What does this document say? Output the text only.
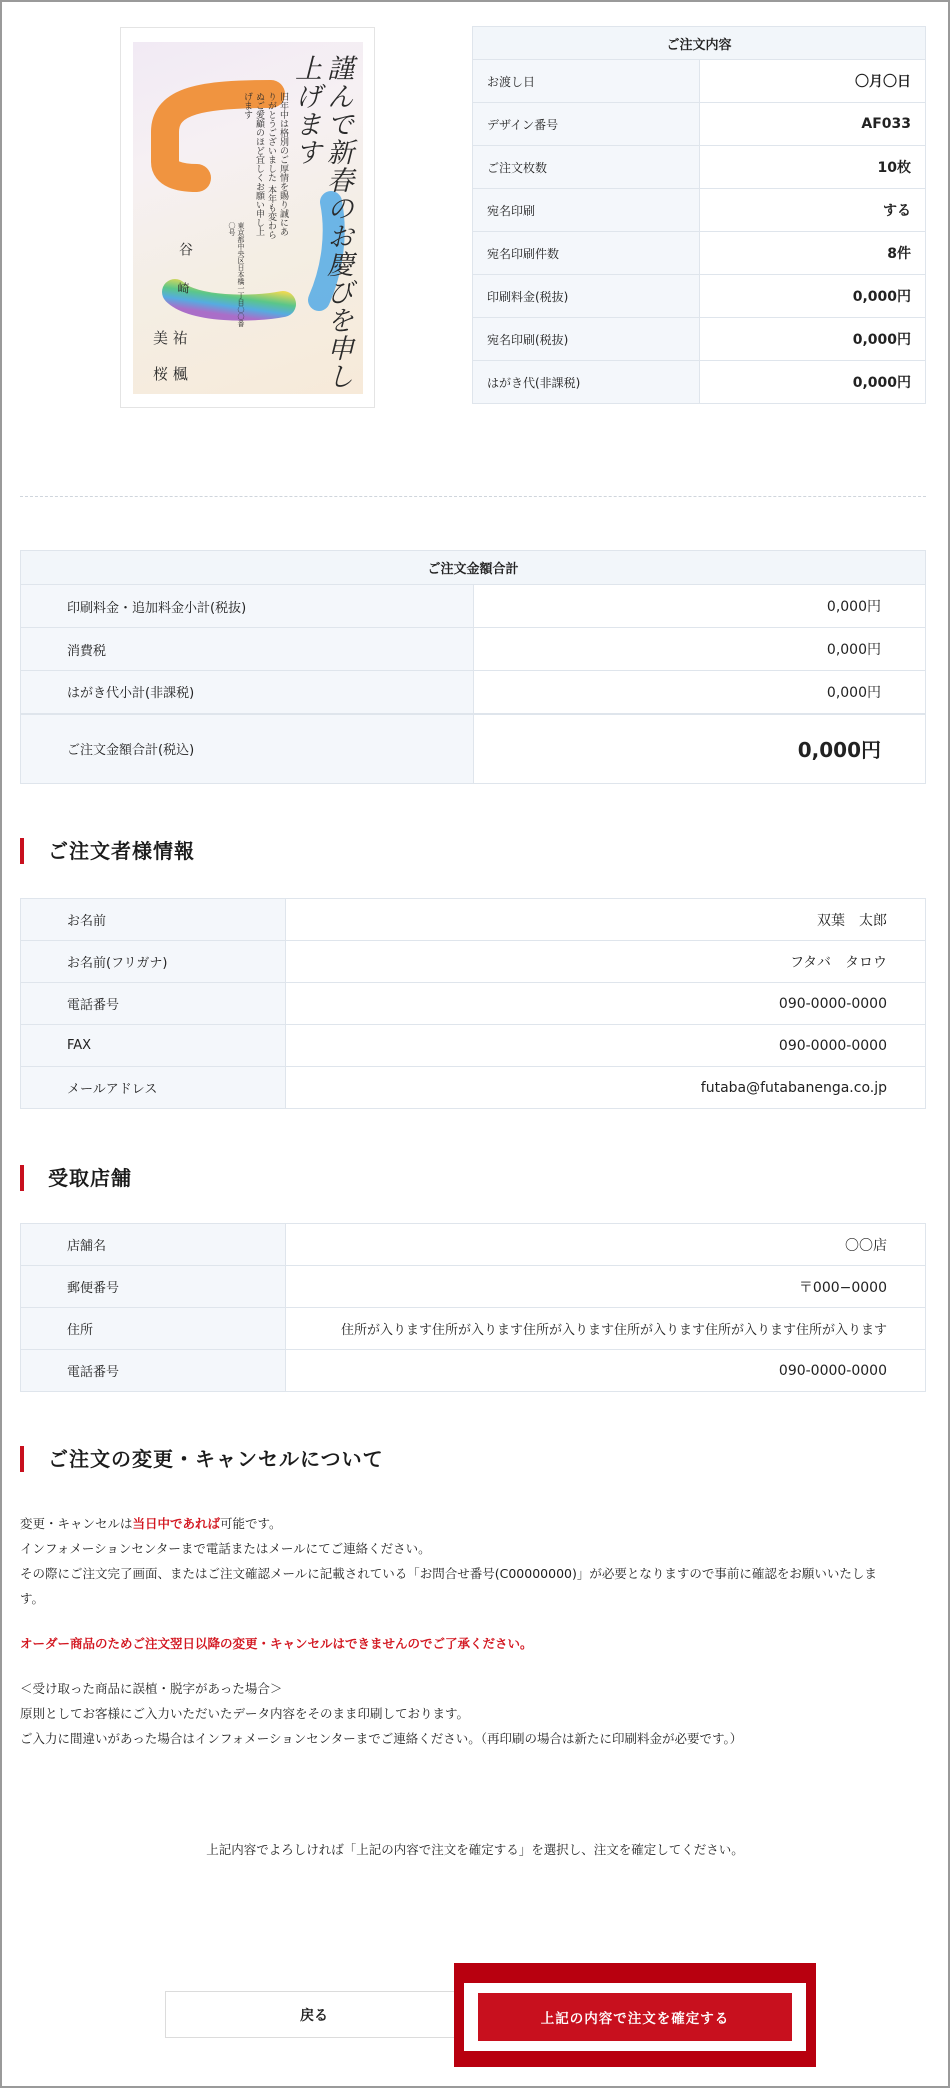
謹んで新春のお慶びを申し上げます
旧年中は格別のご厚情を賜り誠にありがとうございました 本年も変わらぬご愛顧のほど宜しくお願い申し上げます
東京都中央区日本橋一丁目〇〇番〇号
谷
崎
美 祐
桜 楓
ご注文内容	
お渡し日	〇月〇日
デザイン番号	AF033
ご注文枚数	10枚
宛名印刷	する
宛名印刷件数	8件
印刷料金(税抜)	0,000円
宛名印刷(税抜)	0,000円
はがき代(非課税)	0,000円
ご注文金額合計	
印刷料金・追加料金小計(税抜)	0,000円
消費税	0,000円
はがき代小計(非課税)	0,000円
ご注文金額合計(税込)	0,000円
ご注文者様情報
お名前	双葉　太郎
お名前(フリガナ)	フタバ　タロウ
電話番号	090-0000-0000
FAX	090-0000-0000
メールアドレス	futaba@futabanenga.co.jp
受取店舗
店舗名	〇〇店
郵便番号	〒000−0000
住所	住所が入ります住所が入ります住所が入ります住所が入ります住所が入ります住所が入ります
電話番号	090-0000-0000
ご注文の変更・キャンセルについて

変更・キャンセルは当日中であれば可能です。

インフォメーションセンターまで電話またはメールにてご連絡ください。

その際にご注文完了画面、またはご注文確認メールに記載されている「お問合せ番号(C00000000)」が必要となりますので事前に確認をお願いいたします。

オーダー商品のためご注文翌日以降の変更・キャンセルはできませんのでご了承ください。

＜受け取った商品に誤植・脱字があった場合＞

原則としてお客様にご入力いただいたデータ内容をそのまま印刷しております。

ご入力に間違いがあった場合はインフォメーションセンターまでご連絡ください。（再印刷の場合は新たに印刷料金が必要です。）

上記内容でよろしければ「上記の内容で注文を確定する」を選択し、注文を確定してください。
戻る	上記の内容で注文を確定する
